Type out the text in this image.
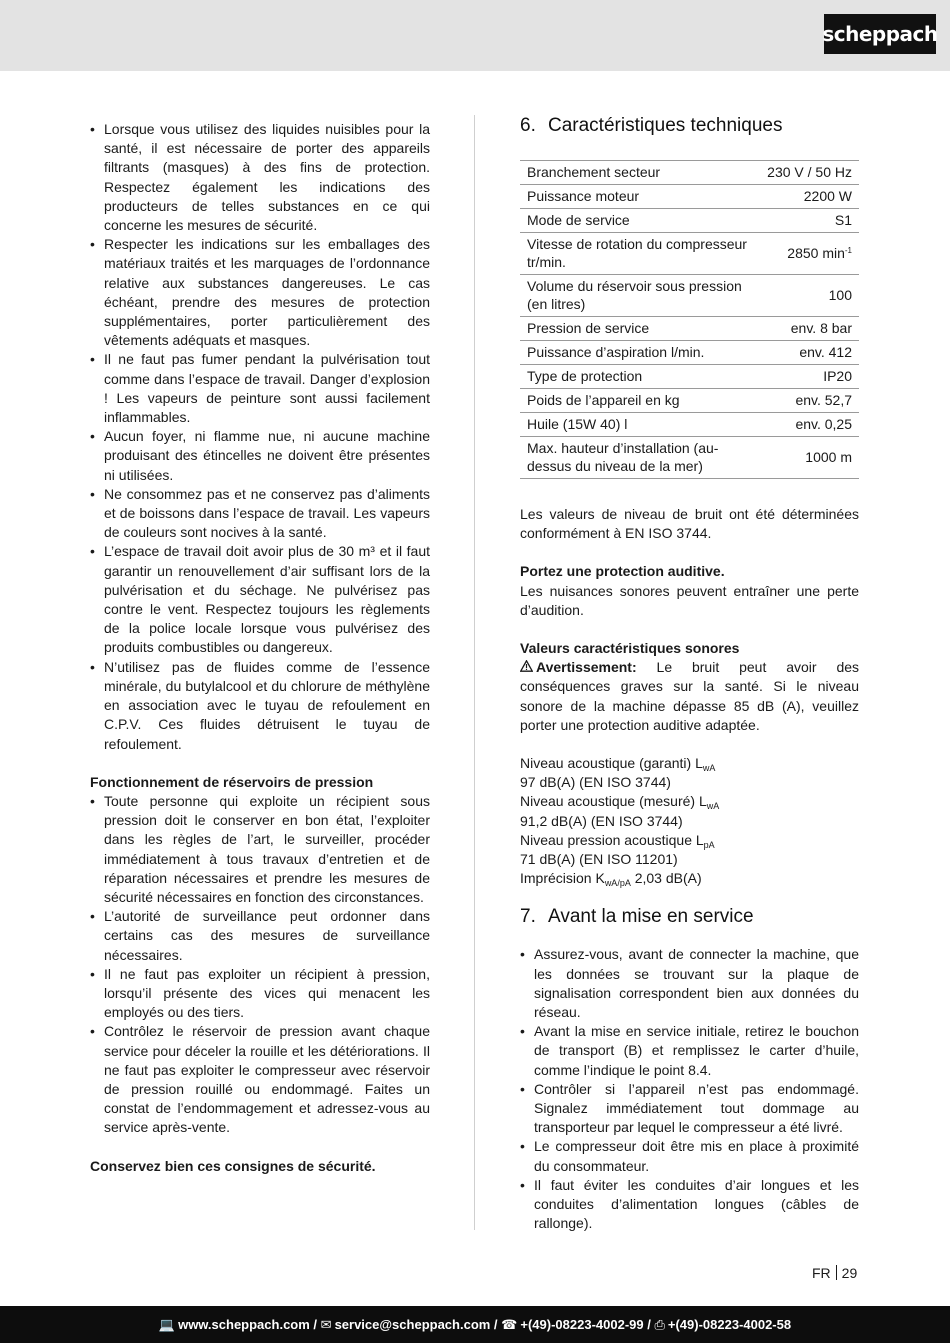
scheppach
• Lorsque vous utilisez des liquides nuisibles pour la santé, il est nécessaire de porter des appareils filtrants (masques) à des fins de protection. Respectez également les indications des producteurs de telles substances en ce qui concerne les mesures de sécurité.
• Respecter les indications sur les emballages des matériaux traités et les marquages de l’ordonnance relative aux substances dangereuses. Le cas échéant, prendre des mesures de protection supplémentaires, porter particulièrement des vêtements adéquats et masques.
• Il ne faut pas fumer pendant la pulvérisation tout comme dans l’espace de travail. Danger d’explosion ! Les vapeurs de peinture sont aussi facilement inflammables.
• Aucun foyer, ni flamme nue, ni aucune machine produisant des étincelles ne doivent être présentes ni utilisées.
• Ne consommez pas et ne conservez pas d’aliments et de boissons dans l’espace de travail. Les vapeurs de couleurs sont nocives à la santé.
• L’espace de travail doit avoir plus de 30 m³ et il faut garantir un renouvellement d’air suffisant lors de la pulvérisation et du séchage. Ne pulvérisez pas contre le vent. Respectez toujours les règlements de la police locale lorsque vous pulvérisez des produits combustibles ou dangereux.
• N’utilisez pas de fluides comme de l’essence minérale, du butylalcool et du chlorure de méthylène en association avec le tuyau de refoulement en C.P.V. Ces fluides détruisent le tuyau de refoulement.

Fonctionnement de réservoirs de pression

• Toute personne qui exploite un récipient sous pression doit le conserver en bon état, l’exploiter dans les règles de l’art, le surveiller, procéder immédiatement à tous travaux d’entretien et de réparation nécessaires et prendre les mesures de sécurité nécessaires en fonction des circonstances.
• L’autorité de surveillance peut ordonner dans certains cas des mesures de surveillance nécessaires.
• Il ne faut pas exploiter un récipient à pression, lorsqu’il présente des vices qui menacent les employés ou des tiers.
• Contrôlez le réservoir de pression avant chaque service pour déceler la rouille et les détériorations. Il ne faut pas exploiter le compresseur avec réservoir de pression rouillé ou endommagé. Faites un constat de l’endommagement et adressez-vous au service après-vente.

Conservez bien ces consignes de sécurité.

6. Caractéristiques techniques
Branchement secteur	230 V / 50 Hz
Puissance moteur	2200 W
Mode de service	S1
Vitesse de rotation du compresseur tr/min.	2850 $\min^{-1}$
Volume du réservoir sous pression (en litres)	100
Pression de service	env. 8 bar
Puissance d’aspiration l/min.	env. 412
Type de protection	IP20
Poids de l’appareil en kg	env. 52,7
Huile (15W 40) l	env. 0,25
Max. hauteur d’installation (au-dessus du niveau de la mer)	1000 m

Les valeurs de niveau de bruit ont été déterminées conformément à EN ISO 3744.

Portez une protection auditive.

Les nuisances sonores peuvent entraîner une perte d’audition.

Valeurs caractéristiques sonores

Avertissement: Le bruit peut avoir des conséquences graves sur la santé. Si le niveau sonore de la machine dépasse 85 dB (A), veuillez porter une protection auditive adaptée.

Niveau acoustique (garanti) $L_{wA}$
97 dB(A) (EN ISO 3744)
Niveau acoustique (mesuré) $L_{wA}$
91,2 dB(A) (EN ISO 3744)
Niveau pression acoustique $L_{pA}$
71 dB(A) (EN ISO 11201)
Imprécision $K_{wA/pA}$ 2,03 dB(A)
7. Avant la mise en service
• Assurez-vous, avant de connecter la machine, que les données se trouvant sur la plaque de signalisation correspondent bien aux données du réseau.
• Avant la mise en service initiale, retirez le bouchon de transport (B) et remplissez le carter d’huile, comme l’indique le point 8.4.
• Contrôler si l’appareil n’est pas endommagé. Signalez immédiatement tout dommage au transporteur par lequel le compresseur a été livré.
• Le compresseur doit être mis en place à proximité du consommateur.
• Il faut éviter les conduites d’air longues et les conduites d’alimentation longues (câbles de rallonge).
FR 29
💻 www.scheppach.com /
✉ service@scheppach.com /
☎ +(49)-08223-4002-99 /
⎙ +(49)-08223-4002-58
